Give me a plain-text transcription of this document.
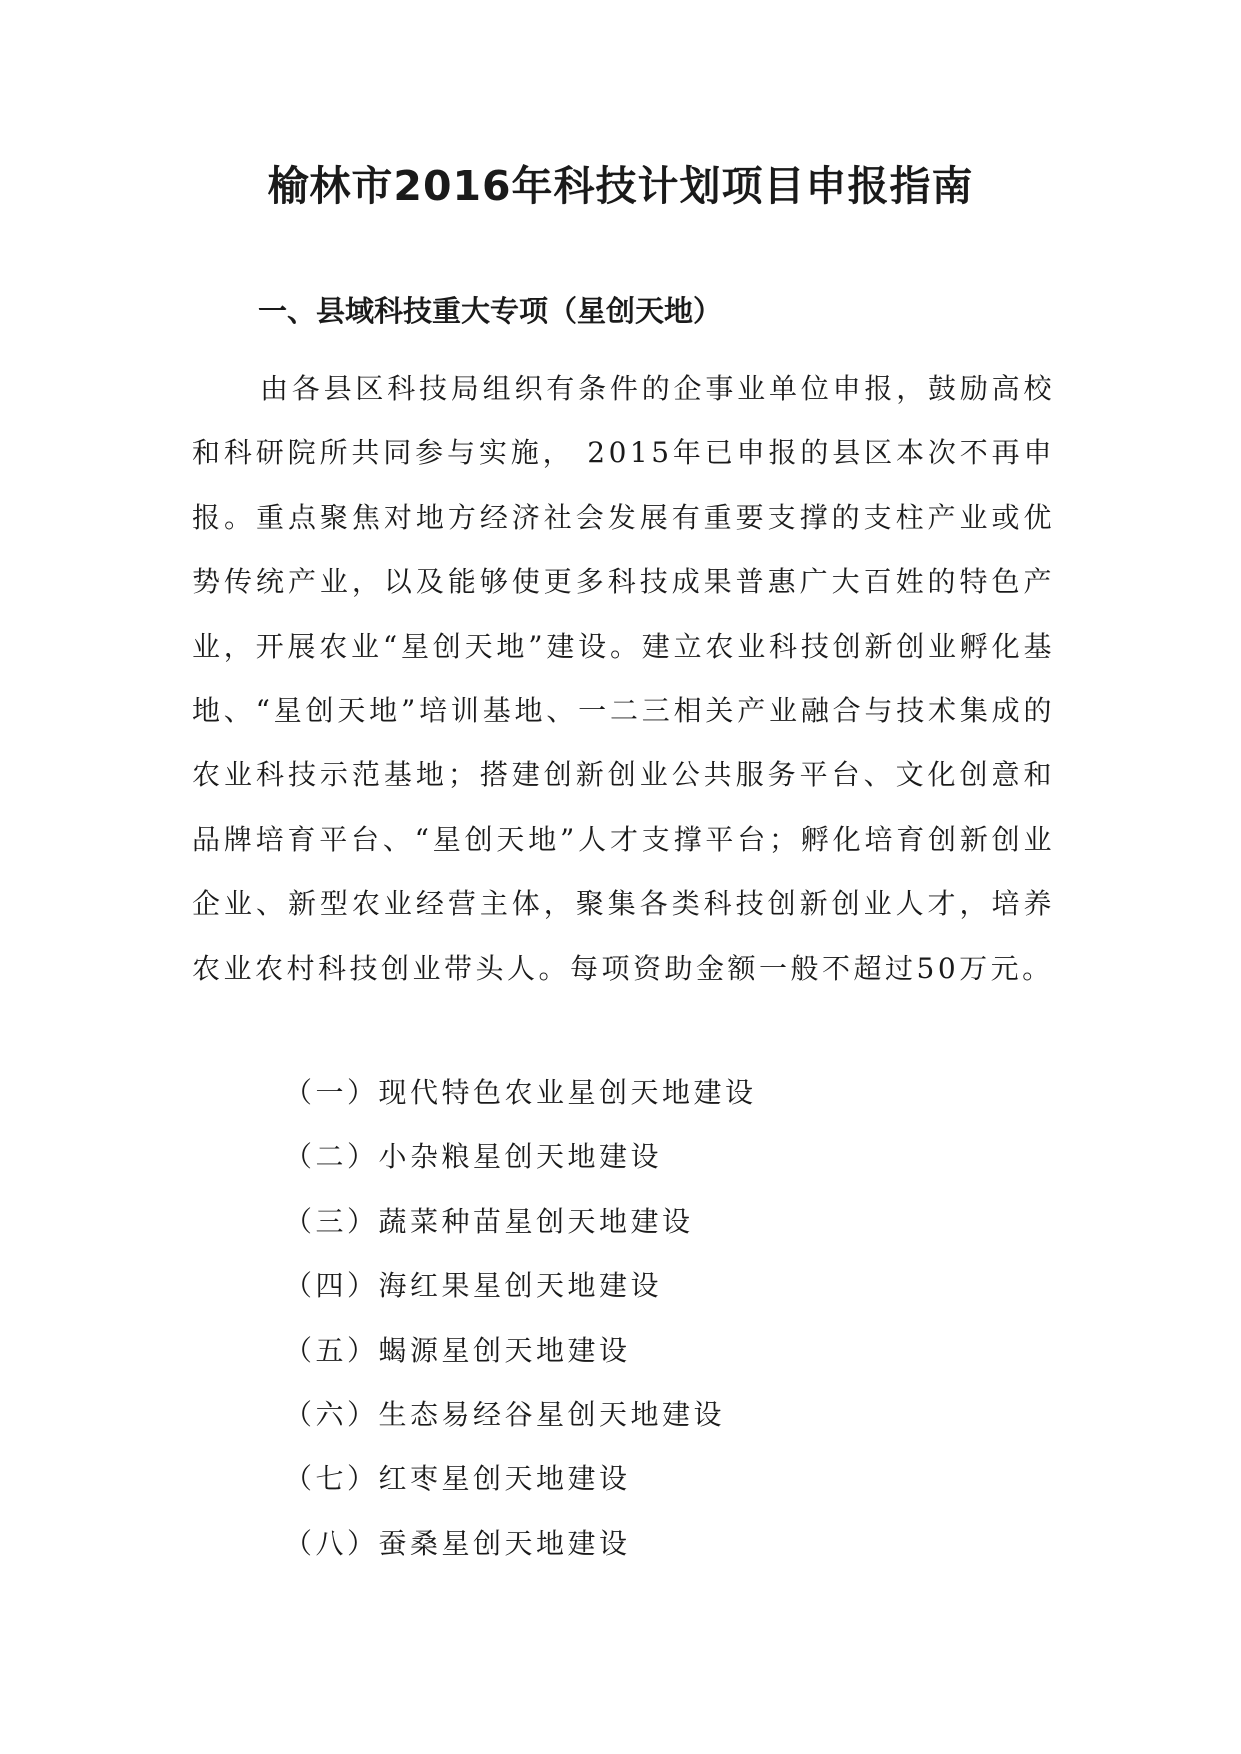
榆林市2016年科技计划项目申报指南
一、县域科技重大专项（星创天地）

由各县区科技局组织有条件的企事业单位申报，鼓励高校和科研院所共同参与实施， 2015年已申报的县区本次不再申报。重点聚焦对地方经济社会发展有重要支撑的支柱产业或优势传统产业，以及能够使更多科技成果普惠广大百姓的特色产业，开展农业“星创天地”建设。建立农业科技创新创业孵化基地、“星创天地”培训基地、一二三相关产业融合与技术集成的农业科技示范基地；搭建创新创业公共服务平台、文化创意和品牌培育平台、“星创天地”人才支撑平台；孵化培育创新创业企业、新型农业经营主体，聚集各类科技创新创业人才，培养农业农村科技创业带头人。每项资助金额一般不超过50万元。

（一）现代特色农业星创天地建设
（二）小杂粮星创天地建设
（三）蔬菜种苗星创天地建设
（四）海红果星创天地建设
（五）蝎源星创天地建设
（六）生态易经谷星创天地建设
（七）红枣星创天地建设
（八）蚕桑星创天地建设
